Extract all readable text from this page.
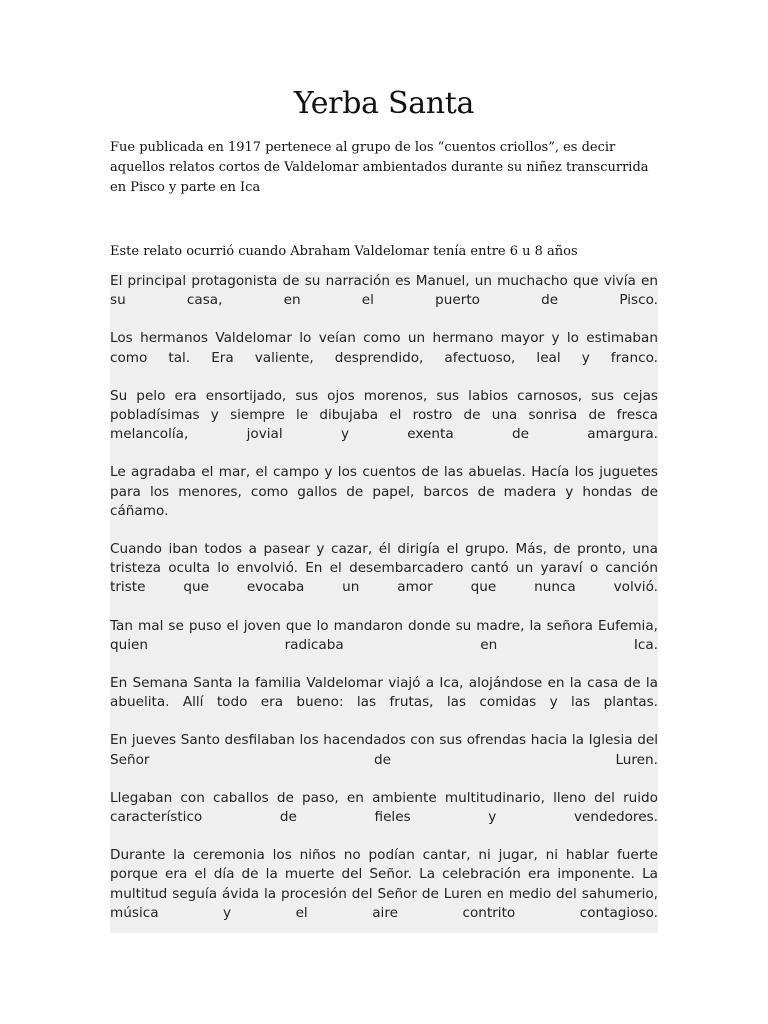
Yerba Santa

Fue publicada en 1917 pertenece al grupo de los “cuentos criollos”, es decir aquellos relatos cortos de Valdelomar ambientados durante su niñez transcurrida en Pisco y parte en Ica

Este relato ocurrió cuando Abraham Valdelomar tenía entre 6 u 8 años

El principal protagonista de su narración es Manuel, un muchacho que vivía en su casa, en el puerto de Pisco.

Los hermanos Valdelomar lo veían como un hermano mayor y lo estimaban como tal. Era valiente, desprendido, afectuoso, leal y franco.

Su pelo era ensortijado, sus ojos morenos, sus labios carnosos, sus cejas pobladísimas y siempre le dibujaba el rostro de una sonrisa de fresca melancolía, jovial y exenta de amargura.

Le agradaba el mar, el campo y los cuentos de las abuelas. Hacía los juguetes para los menores, como gallos de papel, barcos de madera y hondas de cáñamo.

Cuando iban todos a pasear y cazar, él dirigía el grupo. Más, de pronto, una tristeza oculta lo envolvió. En el desembarcadero cantó un yaraví o canción triste que evocaba un amor que nunca volvió.

Tan mal se puso el joven que lo mandaron donde su madre, la señora Eufemia, quien radicaba en Ica.

En Semana Santa la familia Valdelomar viajó a Ica, alojándose en la casa de la abuelita. Allí todo era bueno: las frutas, las comidas y las plantas.

En jueves Santo desfilaban los hacendados con sus ofrendas hacia la Iglesia del Señor de Luren.

Llegaban con caballos de paso, en ambiente multitudinario, lleno del ruido característico de fieles y vendedores.

Durante la ceremonia los niños no podían cantar, ni jugar, ni hablar fuerte porque era el día de la muerte del Señor. La celebración era imponente. La multitud seguía ávida la procesión del Señor de Luren en medio del sahumerio, música y el aire contrito contagioso.
